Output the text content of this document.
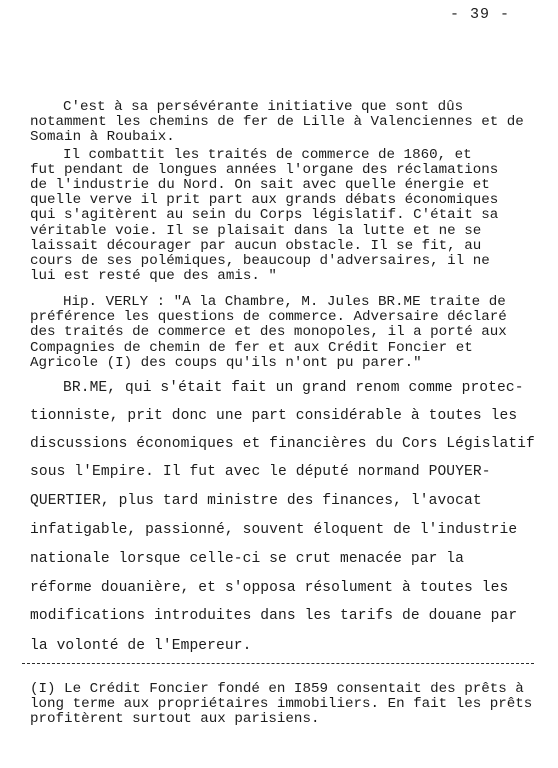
- 39 -
C'est à sa persévérante initiative que sont dûs
notamment les chemins de fer de Lille à Valenciennes et de
Somain à Roubaix.
Il combattit les traités de commerce de 1860, et
fut pendant de longues années l'organe des réclamations
de l'industrie du Nord. On sait avec quelle énergie et
quelle verve il prit part aux grands débats économiques
qui s'agitèrent au sein du Corps législatif. C'était sa
véritable voie. Il se plaisait dans la lutte et ne se
laissait décourager par aucun obstacle. Il se fit, au
cours de ses polémiques, beaucoup d'adversaires, il ne
lui est resté que des amis. "
Hip. VERLY : "A la Chambre, M. Jules BR.ME traite de
préférence les questions de commerce. Adversaire déclaré
des traités de commerce et des monopoles, il a porté aux
Compagnies de chemin de fer et aux Crédit Foncier et
Agricole (I) des coups qu'ils n'ont pu parer."
BR.ME, qui s'était fait un grand renom comme protec-
tionniste, prit donc une part considérable à toutes les
discussions économiques et financières du Cors Législatif
sous l'Empire. Il fut avec le député normand POUYER-
QUERTIER, plus tard ministre des finances, l'avocat
infatigable, passionné, souvent éloquent de l'industrie
nationale lorsque celle-ci se crut menacée par la
réforme douanière, et s'opposa résolument à toutes les
modifications introduites dans les tarifs de douane par
la volonté de l'Empereur.
(I) Le Crédit Foncier fondé en I859 consentait des prêts à
long terme aux propriétaires immobiliers. En fait les prêts
profitèrent surtout aux parisiens.
